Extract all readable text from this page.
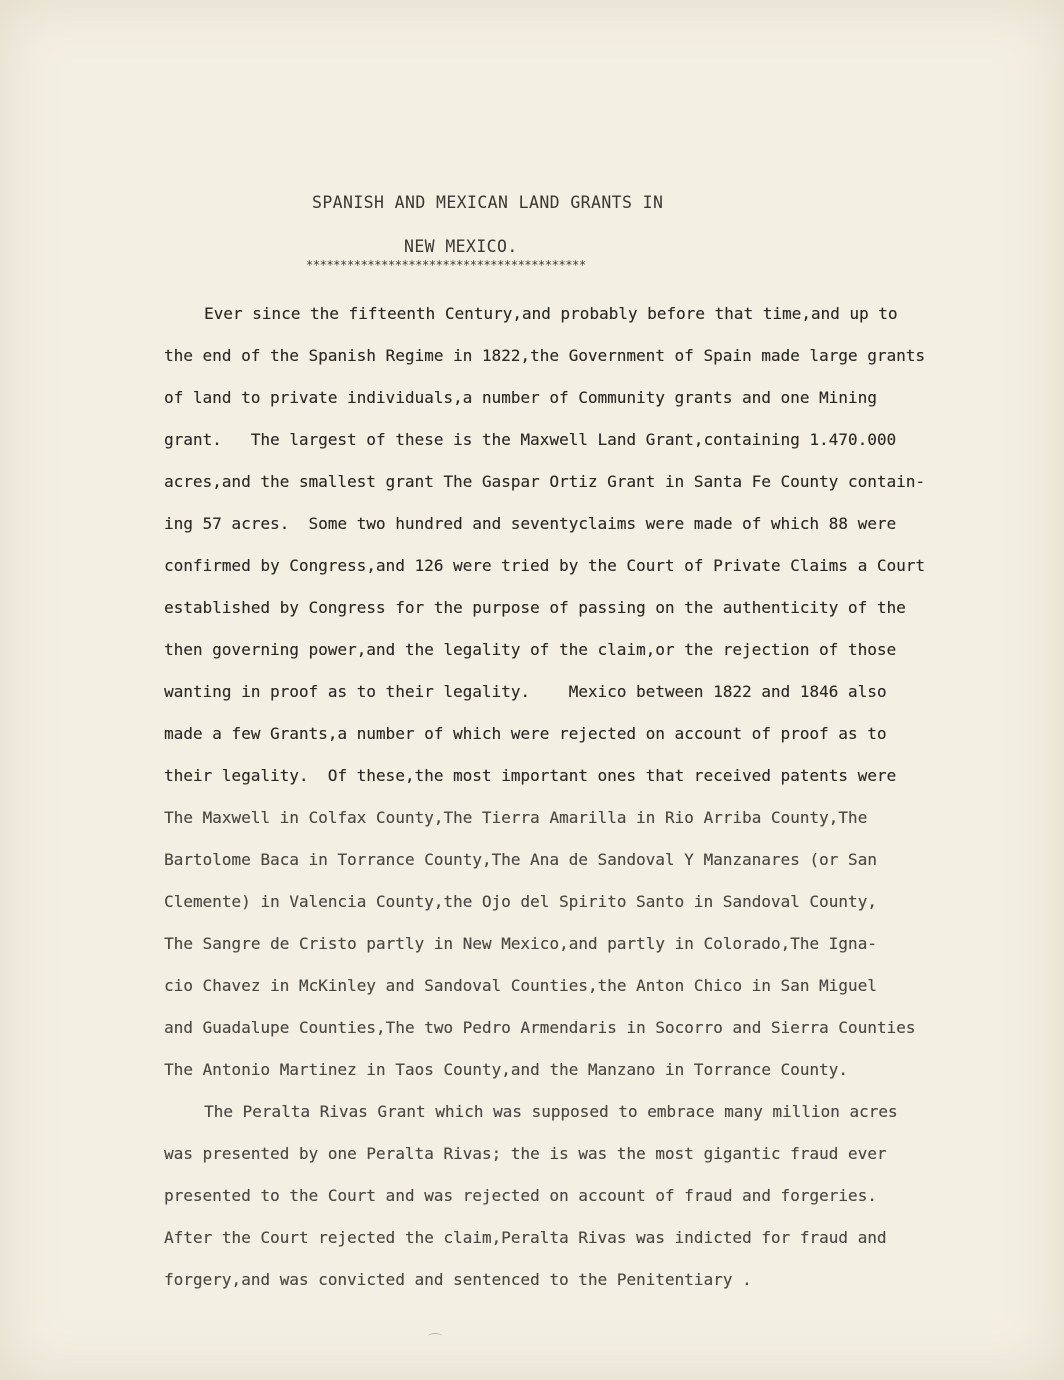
SPANISH AND MEXICAN LAND GRANTS IN
NEW MEXICO.
*****************************************
Ever since the fifteenth Century,and probably before that time,and up to
the end of the Spanish Regime in 1822,the Government of Spain made large grants
of land to private individuals,a number of Community grants and one Mining
grant.   The largest of these is the Maxwell Land Grant,containing 1.470.000
acres,and the smallest grant The Gaspar Ortiz Grant in Santa Fe County contain-
ing 57 acres.  Some two hundred and seventyclaims were made of which 88 were
confirmed by Congress,and 126 were tried by the Court of Private Claims a Court
established by Congress for the purpose of passing on the authenticity of the
then governing power,and the legality of the claim,or the rejection of those
wanting in proof as to their legality.    Mexico between 1822 and 1846 also
made a few Grants,a number of which were rejected on account of proof as to
their legality.  Of these,the most important ones that received patents were
The Maxwell in Colfax County,The Tierra Amarilla in Rio Arriba County,The
Bartolome Baca in Torrance County,The Ana de Sandoval Y Manzanares (or San
Clemente) in Valencia County,the Ojo del Spirito Santo in Sandoval County,
The Sangre de Cristo partly in New Mexico,and partly in Colorado,The Igna-
cio Chavez in McKinley and Sandoval Counties,the Anton Chico in San Miguel
and Guadalupe Counties,The two Pedro Armendaris in Socorro and Sierra Counties
The Antonio Martinez in Taos County,and the Manzano in Torrance County.
The Peralta Rivas Grant which was supposed to embrace many million acres
was presented by one Peralta Rivas; the is was the most gigantic fraud ever
presented to the Court and was rejected on account of fraud and forgeries.
After the Court rejected the claim,Peralta Rivas was indicted for fraud and
forgery,and was convicted and sentenced to the Penitentiary .
